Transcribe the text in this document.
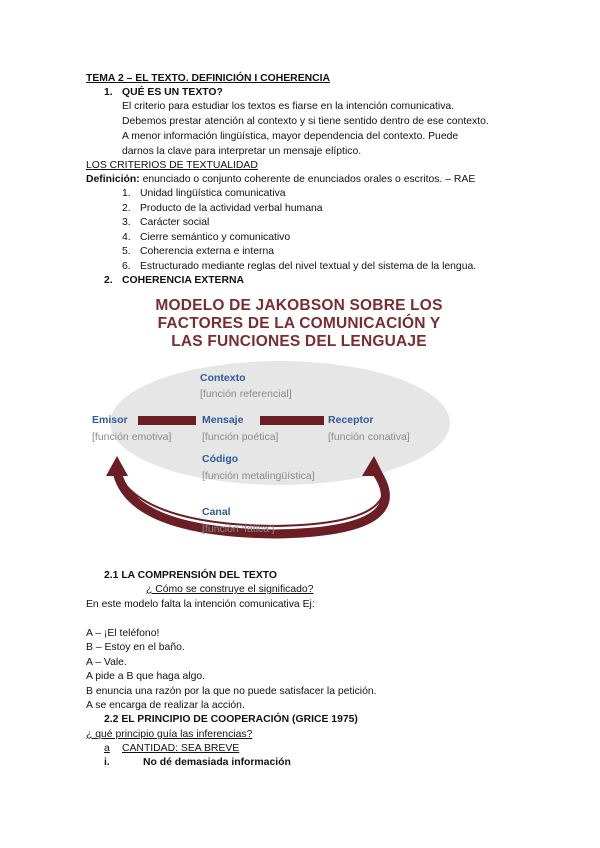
TEMA 2 – EL TEXTO. DEFINICIÓN I COHERENCIA
1. QUÉ ES UN TEXTO?
El criterio para estudiar los textos es fiarse en la intención comunicativa.
Debemos prestar atención al contexto y si tiene sentido dentro de ese contexto.
A menor información lingüística, mayor dependencia del contexto. Puede
darnos la clave para interpretar un mensaje elíptico.
LOS CRITERIOS DE TEXTUALIDAD
Definición: enunciado o conjunto coherente de enunciados orales o escritos. – RAE
1. Unidad lingüística comunicativa
2. Producto de la actividad verbal humana
3. Carácter social
4. Cierre semántico y comunicativo
5. Coherencia externa e interna
6. Estructurado mediante reglas del nivel textual y del sistema de la lengua.
2. COHERENCIA EXTERNA
MODELO DE JAKOBSON SOBRE LOS
FACTORES DE LA COMUNICACIÓN Y
LAS FUNCIONES DEL LENGUAJE
Contexto
[función referencial]
Emisor
[función emotiva]
Mensaje
[función poética]
Receptor
[función conativa]
Código
[función metalingüística]
Canal
[función ‘fática’]
2.1 LA COMPRENSIÓN DEL TEXTO
¿ Cómo se construye el significado?
En este modelo falta la intención comunicativa Ej:
A – ¡El teléfono!
B – Estoy en el baño.
A – Vale.
A pide a B que haga algo.
B enuncia una razón por la que no puede satisfacer la petición.
A se encarga de realizar la acción.
2.2 EL PRINCIPIO DE COOPERACIÓN (GRICE 1975)
¿ qué principio guía las inferencias?
a CANTIDAD: SEA BREVE
i.	No dé demasiada información
